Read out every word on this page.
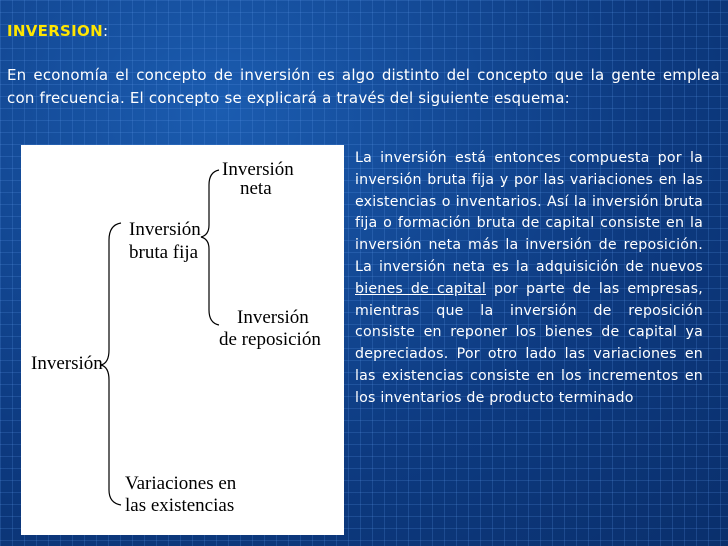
INVERSION:
En economía el concepto de inversión es algo distinto del concepto que la gente emplea con frecuencia. El concepto se explicará a través del siguiente esquema:
Inversión
Inversión
bruta fija
Inversión
neta
Inversión
de reposición
Variaciones en
las existencias
La inversión está entonces compuesta por la inversión bruta fija y por las variaciones en las existencias o inventarios. Así la inversión bruta fija o formación bruta de capital consiste en la inversión neta más la inversión de reposición. La inversión neta es la adquisición de nuevos bienes de capital por parte de las empresas, mientras que la inversión de reposición consiste en reponer los bienes de capital ya depreciados. Por otro lado las variaciones en las existencias consiste en los incrementos en los inventarios de producto terminado
